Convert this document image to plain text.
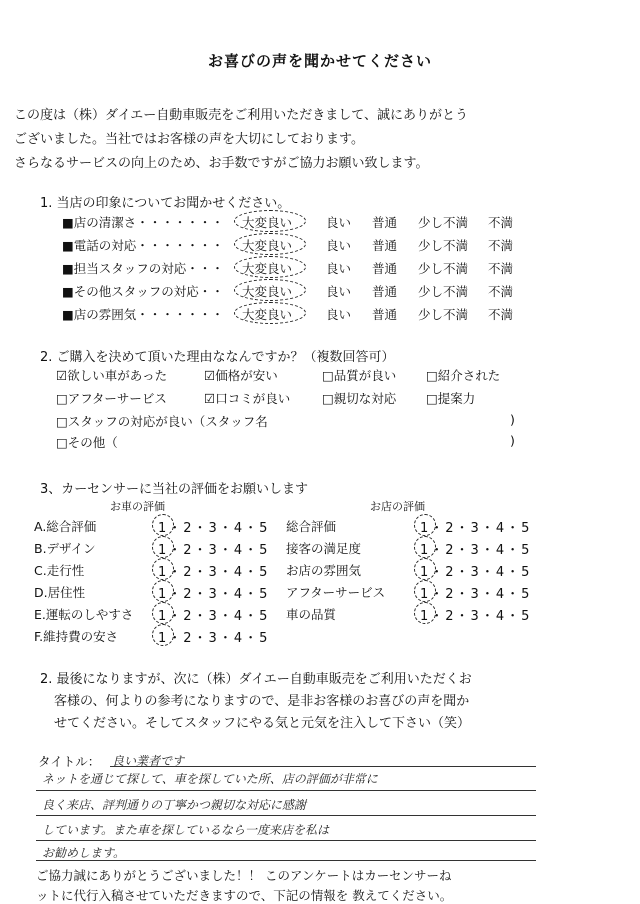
お喜びの声を聞かせてください
この度は（株）ダイエー自動車販売をご利用いただきまして、誠にありがとう
ございました。当社ではお客様の声を大切にしております。
さらなるサービスの向上のため、お手数ですがご協力お願い致します。
1. 当店の印象についてお聞かせください。
■店の清潔さ・・・・・・・	大変良い	良い 普通 少し不満 不満
■電話の対応・・・・・・・	大変良い	良い 普通 少し不満 不満
■担当スタッフの対応・・・	大変良い	良い 普通 少し不満 不満
■その他スタッフの対応・・	大変良い	良い 普通 少し不満 不満
■店の雰囲気・・・・・・・	大変良い	良い 普通 少し不満 不満
2. ご購入を決めて頂いた理由ななんですか？（複数回答可）
☑欲しい車があった	☑価格が安い	□品質が良い □紹介された
□アフターサービス	☑口コミが良い	□親切な対応 □提案力
□スタッフの対応が良い（スタッフ名	)
□その他（	)
3、カーセンサーに当社の評価をお願いします
お車の評価	お店の評価
A.総合評価	1・2・3・4・5
B.デザイン	1・2・3・4・5
C.走行性	1・2・3・4・5
D.居住性	1・2・3・4・5
E.運転のしやすさ 1・2・3・4・5
F.維持費の安さ	1・2・3・4・5
総合評価	1・2・3・4・5
接客の満足度	1・2・3・4・5
お店の雰囲気	1・2・3・4・5
アフターサービス	1・2・3・4・5
車の品質	1・2・3・4・5
2. 最後になりますが、次に（株）ダイエー自動車販売をご利用いただくお
客様の、何よりの参考になりますので、是非お客様のお喜びの声を聞か
せてください。そしてスタッフにやる気と元気を注入して下さい（笑）
タイトル： 良い業者です
ネットを通じて探して、車を探していた所、店の評価が非常に
良く来店、評判通りの丁寧かつ親切な対応に感謝
しています。また車を探しているなら一度来店を私は
お勧めします。
ご協力誠にありがとうございました！！ このアンケートはカーセンサーね
ットに代行入稿させていただきますので、下記の情報を 教えてください。
